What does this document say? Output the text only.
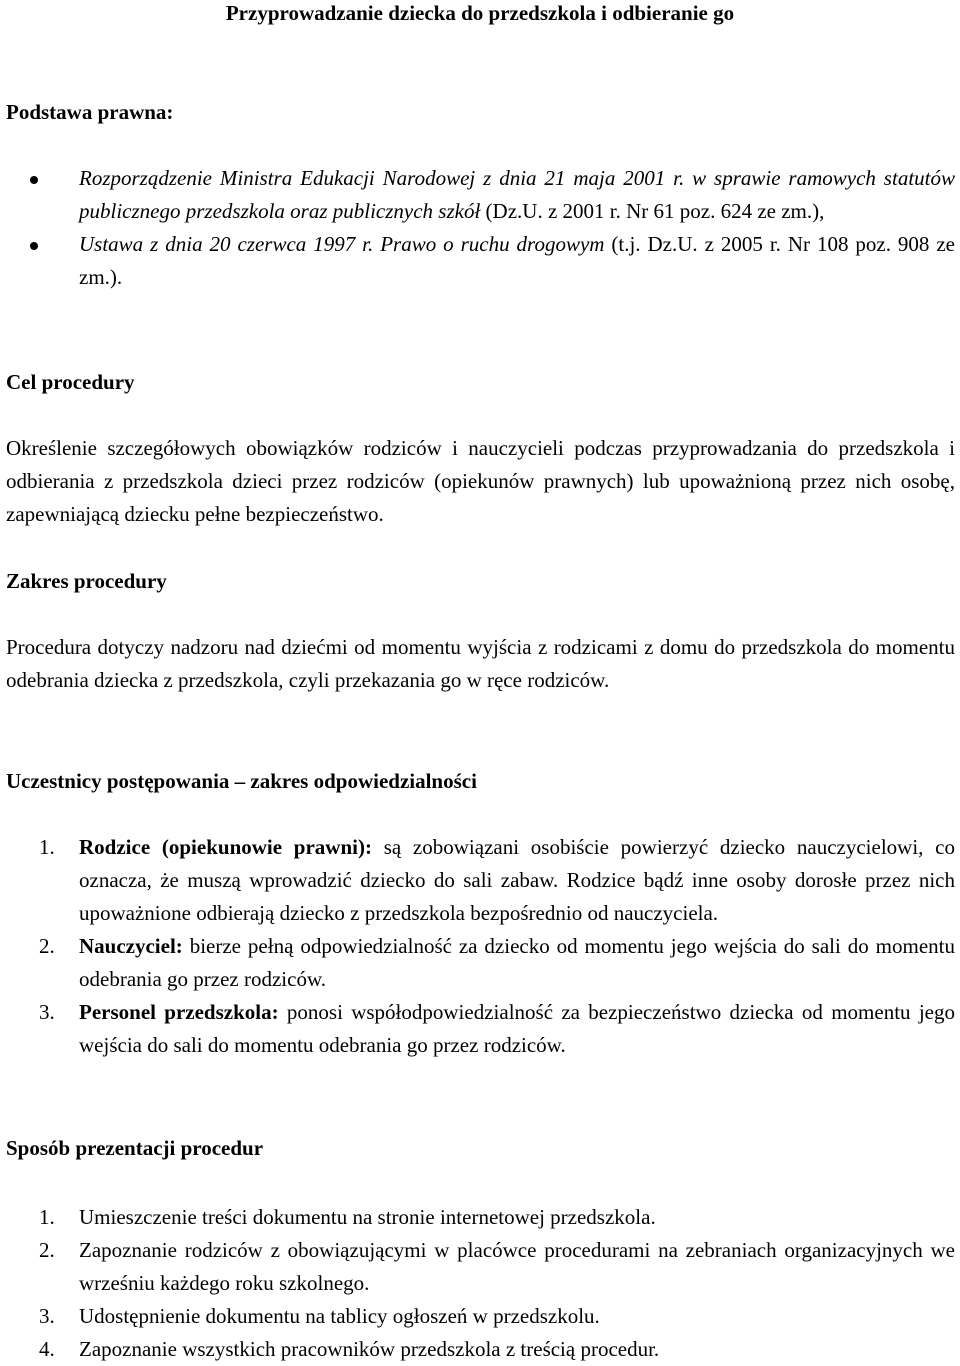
Przyprowadzanie dziecka do przedszkola i odbieranie go

Podstawa prawna:

Rozporządzenie Ministra Edukacji Narodowej z dnia 21 maja 2001 r. w sprawie ramowych statutów publicznego przedszkola oraz publicznych szkół (Dz.U. z 2001 r. Nr 61 poz. 624 ze zm.),
Ustawa z dnia 20 czerwca 1997 r. Prawo o ruchu drogowym (t.j. Dz.U. z 2005 r. Nr 108 poz. 908 ze zm.).

Cel procedury

Określenie szczegółowych obowiązków rodziców i nauczycieli podczas przyprowadzania do przedszkola i odbierania z przedszkola dzieci przez rodziców (opiekunów prawnych) lub upoważnioną przez nich osobę, zapewniającą dziecku pełne bezpieczeństwo.

Zakres procedury

Procedura dotyczy nadzoru nad dziećmi od momentu wyjścia z rodzicami z domu do przedszkola do momentu odebrania dziecka z przedszkola, czyli przekazania go w ręce rodziców.

Uczestnicy postępowania – zakres odpowiedzialności

1. Rodzice (opiekunowie prawni): są zobowiązani osobiście powierzyć dziecko nauczycielowi, co oznacza, że muszą wprowadzić dziecko do sali zabaw. Rodzice bądź inne osoby dorosłe przez nich upoważnione odbierają dziecko z przedszkola bezpośrednio od nauczyciela.
2. Nauczyciel: bierze pełną odpowiedzialność za dziecko od momentu jego wejścia do sali do momentu odebrania go przez rodziców.
3. Personel przedszkola: ponosi współodpowiedzialność za bezpieczeństwo dziecka od momentu jego wejścia do sali do momentu odebrania go przez rodziców.

Sposób prezentacji procedur

1. Umieszczenie treści dokumentu na stronie internetowej przedszkola.
2. Zapoznanie rodziców z obowiązującymi w placówce procedurami na zebraniach organizacyjnych we wrześniu każdego roku szkolnego.
3. Udostępnienie dokumentu na tablicy ogłoszeń w przedszkolu.
4. Zapoznanie wszystkich pracowników przedszkola z treścią procedur.
